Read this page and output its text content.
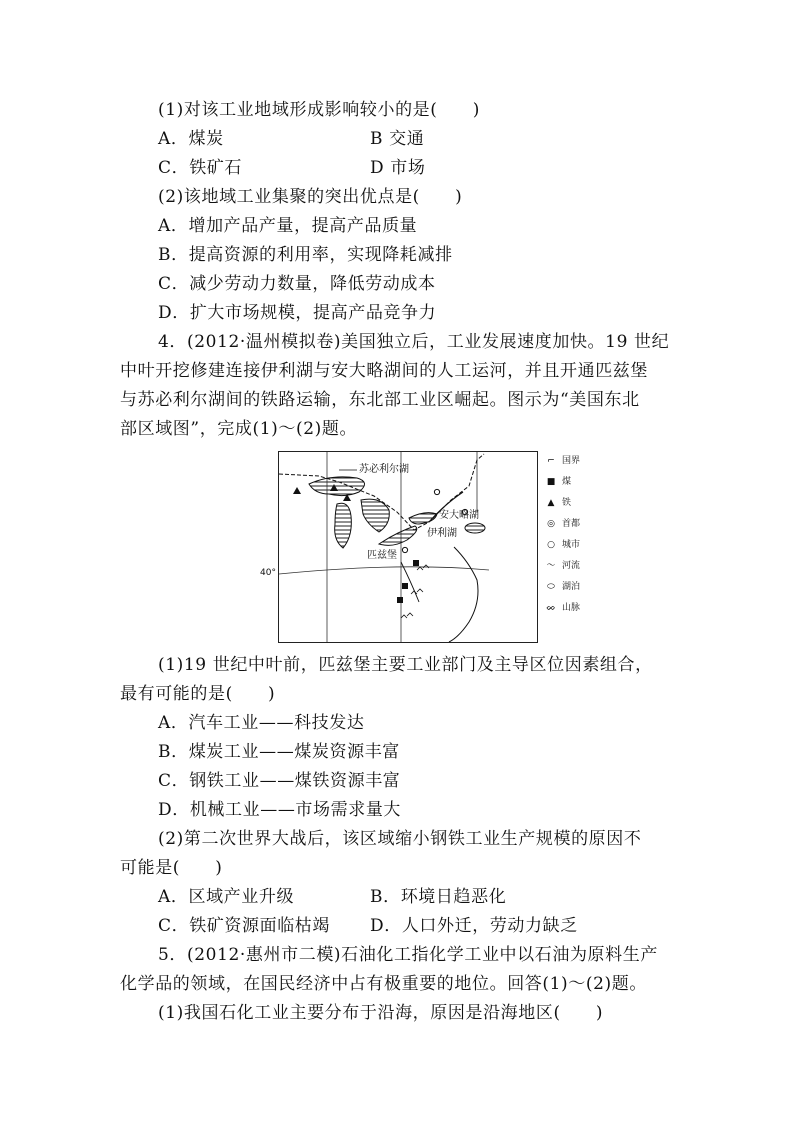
(1)对该工业地域形成影响较小的是(　　)
A．煤炭	B 交通
C．铁矿石	D 市场
(2)该地域工业集聚的突出优点是(　　)
A．增加产品产量，提高产品质量
B．提高资源的利用率，实现降耗减排
C．减少劳动力数量，降低劳动成本
D．扩大市场规模，提高产品竞争力
4．(2012·温州模拟卷)美国独立后，工业发展速度加快。19 世纪
中叶开挖修建连接伊利湖与安大略湖间的人工运河，并且开通匹兹堡
与苏必利尔湖间的铁路运输，东北部工业区崛起。图示为“美国东北
部区域图”，完成(1)～(2)题。
苏必利尔湖
安大略湖
伊利湖
匹兹堡
40°
⌐ 国界
■ 煤
▲ 铁
◎ 首都
○ 城市
〜 河流
⬭ 湖泊
ᨖ 山脉
(1)19 世纪中叶前，匹兹堡主要工业部门及主导区位因素组合，
最有可能的是(　　)
A．汽车工业——科技发达
B．煤炭工业——煤炭资源丰富
C．钢铁工业——煤铁资源丰富
D．机械工业——市场需求量大
(2)第二次世界大战后，该区域缩小钢铁工业生产规模的原因不
可能是(　　)
A．区域产业升级	B．环境日趋恶化
C．铁矿资源面临枯竭 D．人口外迁，劳动力缺乏
5．(2012·惠州市二模)石油化工指化学工业中以石油为原料生产
化学品的领域，在国民经济中占有极重要的地位。回答(1)～(2)题。
(1)我国石化工业主要分布于沿海，原因是沿海地区(　　)
